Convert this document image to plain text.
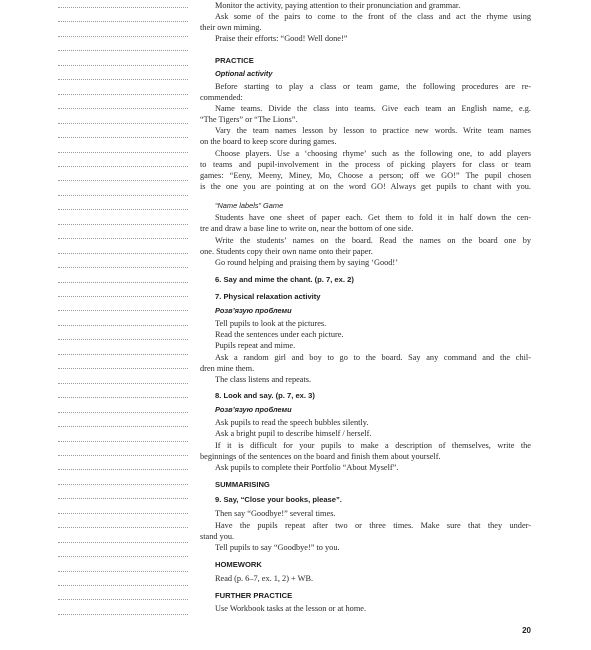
Monitor the activity, paying attention to their pronunciation and grammar.

Ask some of the pairs to come to the front of the class and act the rhyme using

their own miming.

Praise their efforts: “Good! Well done!”

PRACTICE

Optional activity

Before starting to play a class or team game, the following procedures are re-

commended:

Name teams. Divide the class into teams. Give each team an English name, e.g.

“The Tigers” or “The Lions”.

Vary the team names lesson by lesson to practice new words. Write team names

on the board to keep score during games.

Choose players. Use a ‘choosing rhyme’ such as the following one, to add players

to teams and pupil-involvement in the process of picking players for class or team

games: “Eeny, Meeny, Miney, Mo, Choose a person; off we GO!” The pupil chosen

is the one you are pointing at on the word GO! Always get pupils to chant with you.

“Name labels” Game

Students have one sheet of paper each. Get them to fold it in half down the cen-

tre and draw a base line to write on, near the bottom of one side.

Write the students’ names on the board. Read the names on the board one by

one. Students copy their own name onto their paper.

Go round helping and praising them by saying ‘Good!’

6. Say and mime the chant. (p. 7, ex. 2)

7. Physical relaxation activity

Розв’язую проблеми

Tell pupils to look at the pictures.

Read the sentences under each picture.

Pupils repeat and mime.

Ask a random girl and boy to go to the board. Say any command and the chil-

dren mine them.

The class listens and repeats.

8. Look and say. (p. 7, ex. 3)

Розв’язую проблеми

Ask pupils to read the speech bubbles silently.

Ask a bright pupil to describe himself / herself.

If it is difficult for your pupils to make a description of themselves, write the

beginnings of the sentences on the board and finish them about yourself.

Ask pupils to complete their Portfolio “About Myself”.

SUMMARISING

9. Say, “Close your books, please”.

Then say “Goodbye!” several times.

Have the pupils repeat after two or three times. Make sure that they under-

stand you.

Tell pupils to say “Goodbye!” to you.

HOMEWORK

Read (p. 6–7, ex. 1, 2) + WB.

FURTHER PRACTICE

Use Workbook tasks at the lesson or at home.

20
